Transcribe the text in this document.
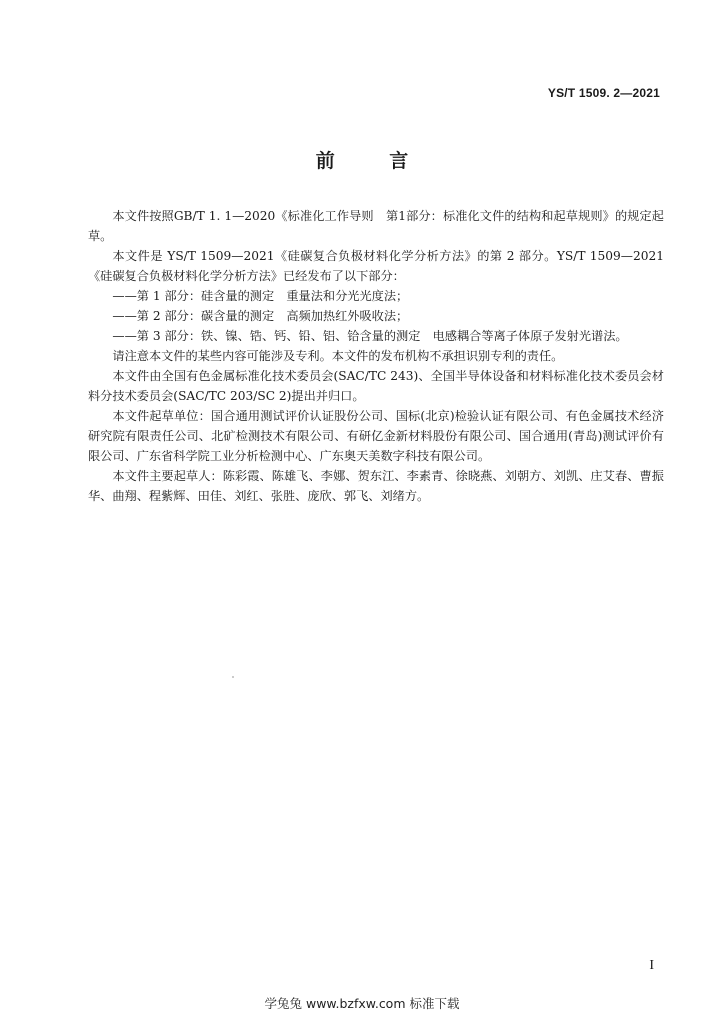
YS/T 1509. 2—2021
前 言

本文件按照GB/T 1. 1—2020《标准化工作导则　第1部分：标准化文件的结构和起草规则》的规定起草。

本文件是 YS/T 1509—2021《硅碳复合负极材料化学分析方法》的第 2 部分。YS/T 1509—2021《硅碳复合负极材料化学分析方法》已经发布了以下部分：

——第 1 部分：硅含量的测定　重量法和分光光度法；

——第 2 部分：碳含量的测定　高频加热红外吸收法；

——第 3 部分：铁、镍、锆、钙、铅、铝、铪含量的测定　电感耦合等离子体原子发射光谱法。

请注意本文件的某些内容可能涉及专利。本文件的发布机构不承担识别专利的责任。

本文件由全国有色金属标准化技术委员会(SAC/TC 243)、全国半导体设备和材料标准化技术委员会材料分技术委员会(SAC/TC 203/SC 2)提出并归口。

本文件起草单位：国合通用测试评价认证股份公司、国标(北京)检验认证有限公司、有色金属技术经济研究院有限责任公司、北矿检测技术有限公司、有研亿金新材料股份有限公司、国合通用(青岛)测试评价有限公司、广东省科学院工业分析检测中心、广东奥天美数字科技有限公司。

本文件主要起草人：陈彩霞、陈雄飞、李娜、贺东江、李素青、徐晓燕、刘朝方、刘凯、庄艾春、曹振华、曲翔、程紫辉、田佳、刘红、张胜、庞欣、郭飞、刘绪方。

I
学兔兔 www.bzfxw.com 标准下载
